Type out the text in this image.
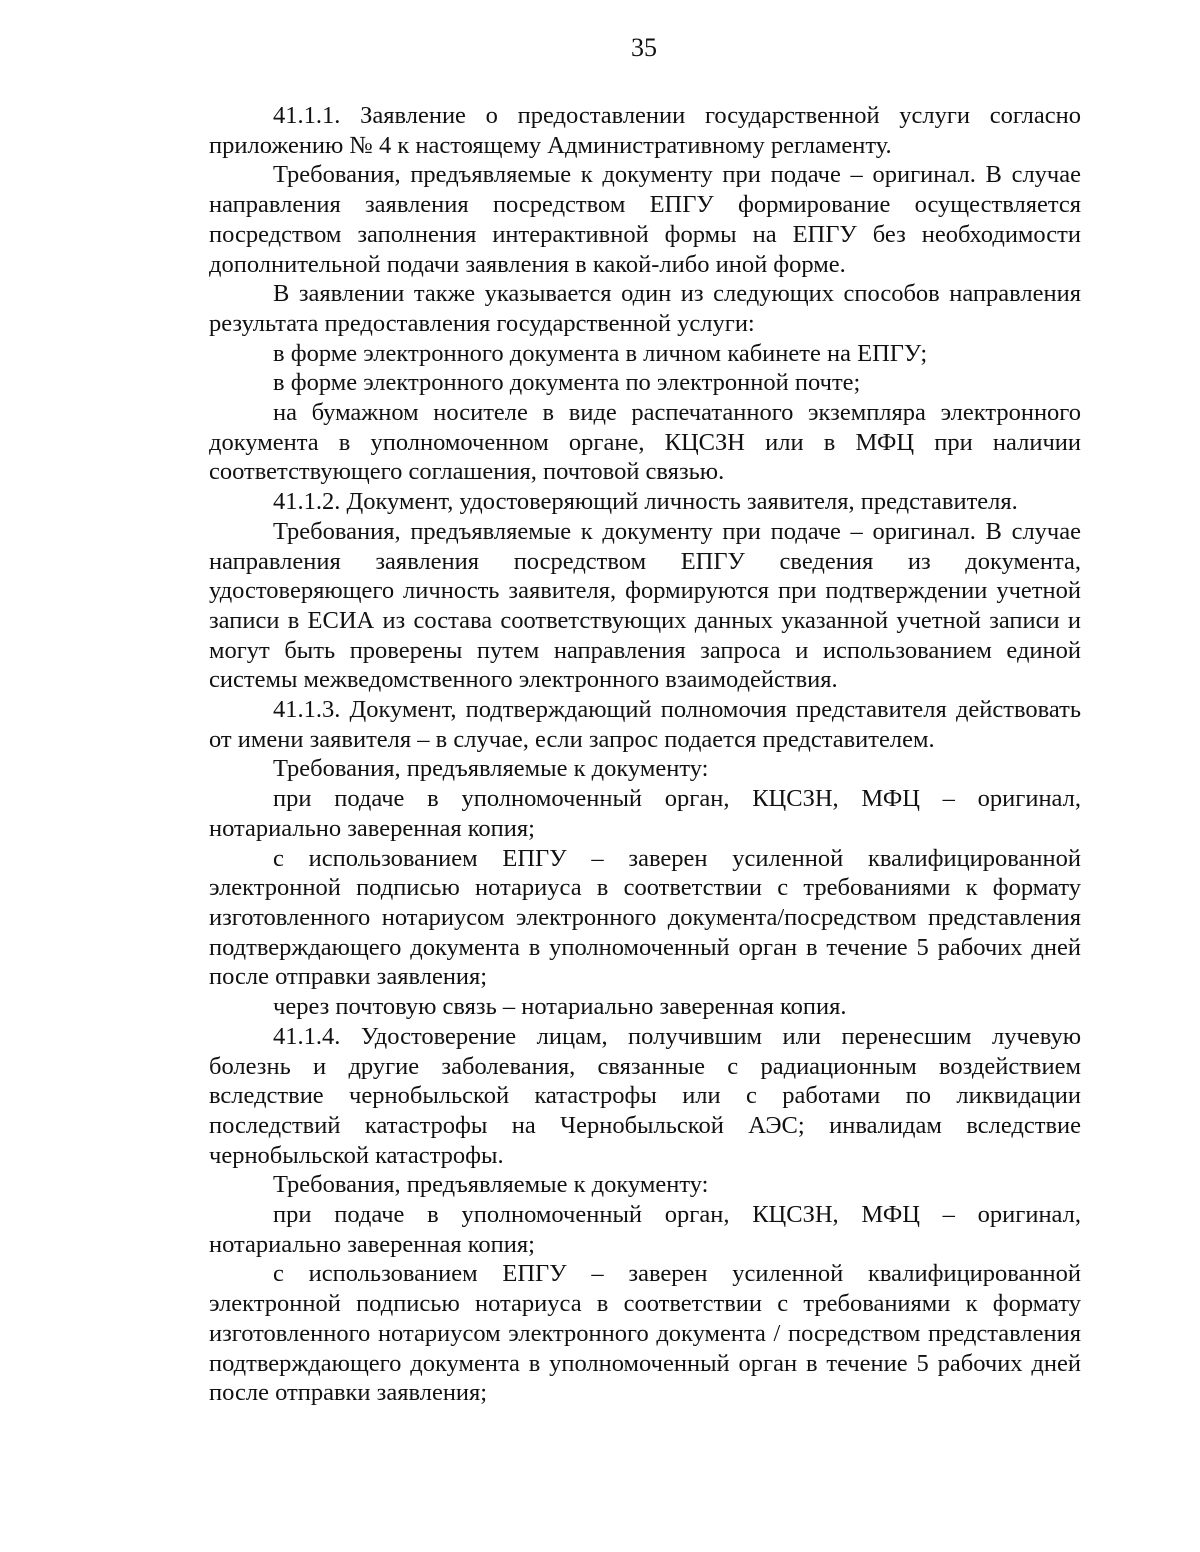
35

41.1.1. Заявление о предоставлении государственной услуги согласно приложению № 4 к настоящему Административному регламенту.

Требования, предъявляемые к документу при подаче – оригинал. В случае направления заявления посредством ЕПГУ формирование осуществляется посредством заполнения интерактивной формы на ЕПГУ без необходимости дополнительной подачи заявления в какой-либо иной форме.

В заявлении также указывается один из следующих способов направления результата предоставления государственной услуги:

в форме электронного документа в личном кабинете на ЕПГУ;

в форме электронного документа по электронной почте;

на бумажном носителе в виде распечатанного экземпляра электронного документа в уполномоченном органе, КЦСЗН или в МФЦ при наличии соответствующего соглашения, почтовой связью.

41.1.2. Документ, удостоверяющий личность заявителя, представителя.

Требования, предъявляемые к документу при подаче – оригинал. В случае направления заявления посредством ЕПГУ сведения из документа, удостоверяющего личность заявителя, формируются при подтверждении учетной записи в ЕСИА из состава соответствующих данных указанной учетной записи и могут быть проверены путем направления запроса и использованием единой системы межведомственного электронного взаимодействия.

41.1.3. Документ, подтверждающий полномочия представителя действовать от имени заявителя – в случае, если запрос подается представителем.

Требования, предъявляемые к документу:

при подаче в уполномоченный орган, КЦСЗН, МФЦ – оригинал, нотариально заверенная копия;

с использованием ЕПГУ – заверен усиленной квалифицированной электронной подписью нотариуса в соответствии с требованиями к формату изготовленного нотариусом электронного документа/посредством представления подтверждающего документа в уполномоченный орган в течение 5 рабочих дней после отправки заявления;

через почтовую связь – нотариально заверенная копия.

41.1.4. Удостоверение лицам, получившим или перенесшим лучевую болезнь и другие заболевания, связанные с радиационным воздействием вследствие чернобыльской катастрофы или с работами по ликвидации последствий катастрофы на Чернобыльской АЭС; инвалидам вследствие чернобыльской катастрофы.

Требования, предъявляемые к документу:

при подаче в уполномоченный орган, КЦСЗН, МФЦ – оригинал, нотариально заверенная копия;

с использованием ЕПГУ – заверен усиленной квалифицированной электронной подписью нотариуса в соответствии с требованиями к формату изготовленного нотариусом электронного документа / посредством представления подтверждающего документа в уполномоченный орган в течение 5 рабочих дней после отправки заявления;
